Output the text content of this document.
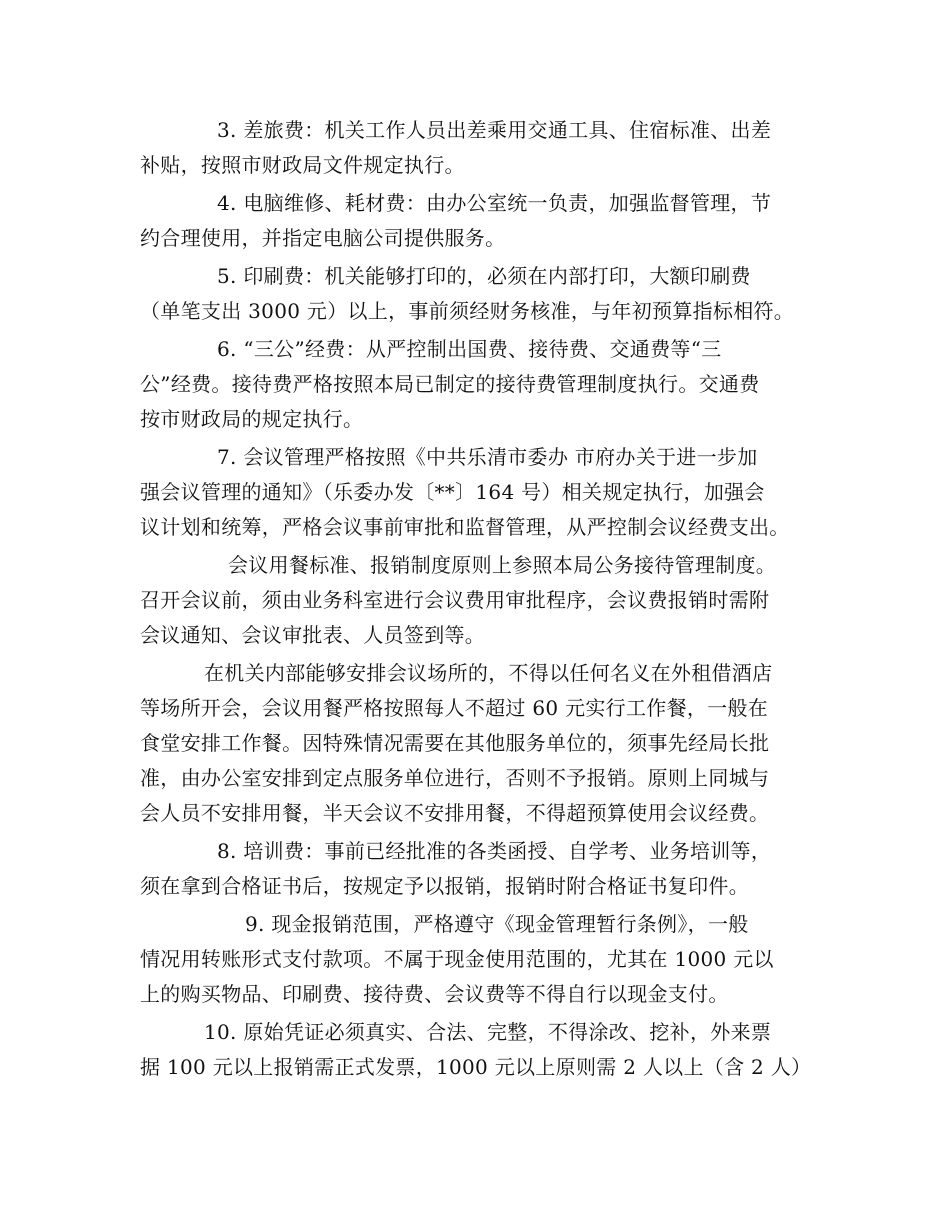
3. 差旅费：机关工作人员出差乘用交通工具、住宿标准、出差
补贴，按照市财政局文件规定执行。
4. 电脑维修、耗材费：由办公室统一负责，加强监督管理，节
约合理使用，并指定电脑公司提供服务。
5. 印刷费：机关能够打印的，必须在内部打印，大额印刷费
（单笔支出 3000 元）以上，事前须经财务核准，与年初预算指标相符。
6. “三公”经费：从严控制出国费、接待费、交通费等“三
公”经费。接待费严格按照本局已制定的接待费管理制度执行。交通费
按市财政局的规定执行。
7. 会议管理严格按照《中共乐清市委办 市府办关于进一步加
强会议管理的通知》（乐委办发〔**〕164 号）相关规定执行，加强会
议计划和统筹，严格会议事前审批和监督管理，从严控制会议经费支出。
会议用餐标准、报销制度原则上参照本局公务接待管理制度。
召开会议前，须由业务科室进行会议费用审批程序，会议费报销时需附
会议通知、会议审批表、人员签到等。
在机关内部能够安排会议场所的，不得以任何名义在外租借酒店
等场所开会，会议用餐严格按照每人不超过 60 元实行工作餐，一般在
食堂安排工作餐。因特殊情况需要在其他服务单位的，须事先经局长批
准，由办公室安排到定点服务单位进行，否则不予报销。原则上同城与
会人员不安排用餐，半天会议不安排用餐，不得超预算使用会议经费。
8. 培训费：事前已经批准的各类函授、自学考、业务培训等，
须在拿到合格证书后，按规定予以报销，报销时附合格证书复印件。
9. 现金报销范围，严格遵守《现金管理暂行条例》，一般
情况用转账形式支付款项。不属于现金使用范围的，尤其在 1000 元以
上的购买物品、印刷费、接待费、会议费等不得自行以现金支付。
10. 原始凭证必须真实、合法、完整，不得涂改、挖补，外来票
据 100 元以上报销需正式发票，1000 元以上原则需 2 人以上（含 2 人）
